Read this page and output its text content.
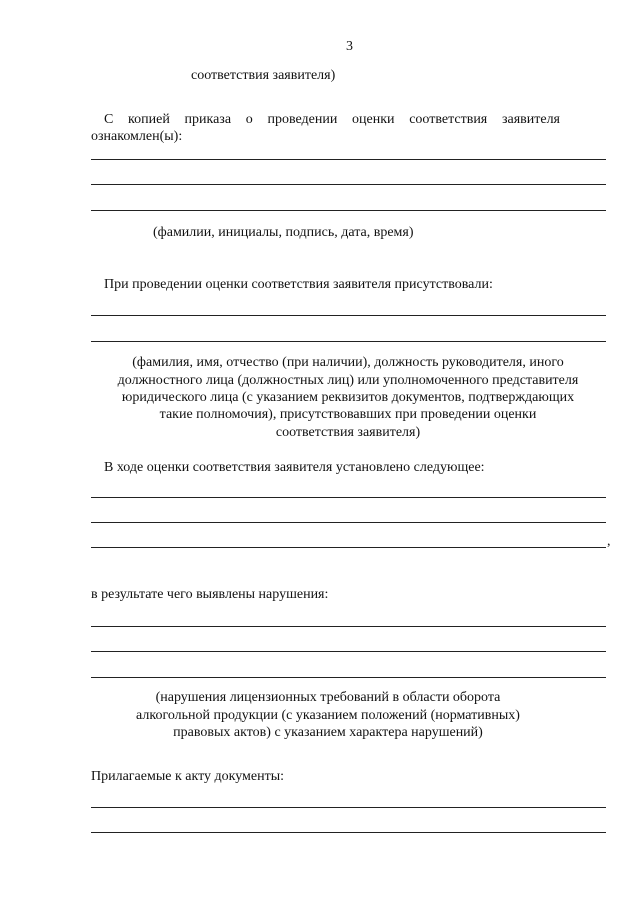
3
соответствия заявителя)
С копией приказа о проведении оценки соответствия заявителя
ознакомлен(ы):
(фамилии, инициалы, подпись, дата, время)
При проведении оценки соответствия заявителя присутствовали:
(фамилия, имя, отчество (при наличии), должность руководителя, иного
должностного лица (должностных лиц) или уполномоченного представителя
юридического лица (с указанием реквизитов документов, подтверждающих
такие полномочия), присутствовавших при проведении оценки
соответствия заявителя)
В ходе оценки соответствия заявителя установлено следующее:
,
в результате чего выявлены нарушения:
(нарушения лицензионных требований в области оборота
алкогольной продукции (с указанием положений (нормативных)
правовых актов) с указанием характера нарушений)
Прилагаемые к акту документы:
